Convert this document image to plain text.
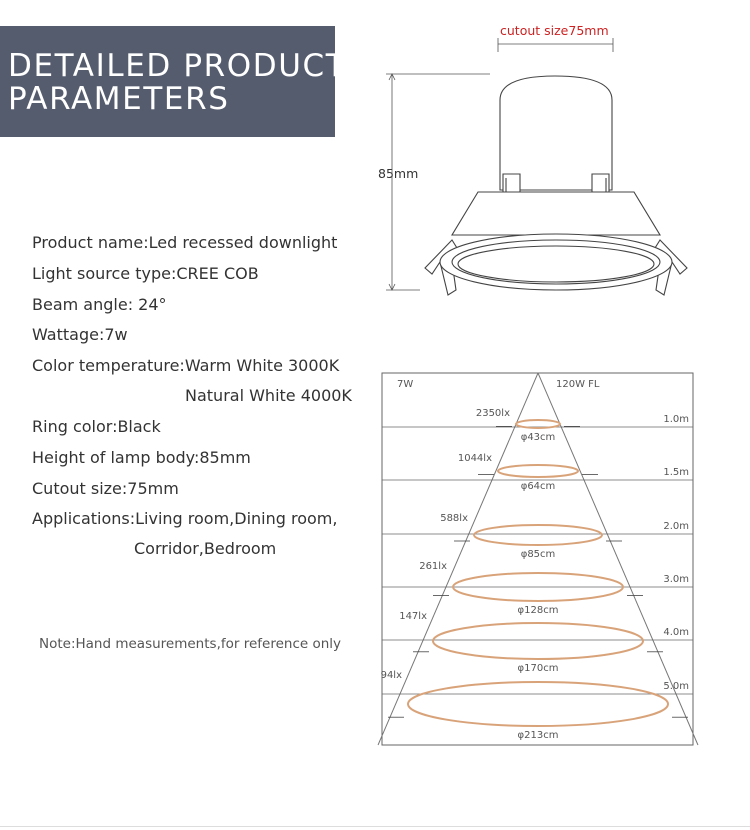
DETAILED PRODUCT
PARAMETERS
Product name:Led recessed downlight
Light source type:CREE COB
Beam angle: 24°
Wattage:7w
Color temperature:Warm White 3000K
Natural White 4000K
Ring color:Black
Height of lamp body:85mm
Cutout size:75mm
Applications:Living room,Dining room,
Corridor,Bedroom
Note:Hand measurements,for reference only
cutout size75mm
85mm
7W	120W FL
1.0m
2350lx
φ43cm
1.5m
1044lx
φ64cm
2.0m
588lx
φ85cm
3.0m
261lx
φ128cm
4.0m
147lx
φ170cm
5.0m
94lx
φ213cm
